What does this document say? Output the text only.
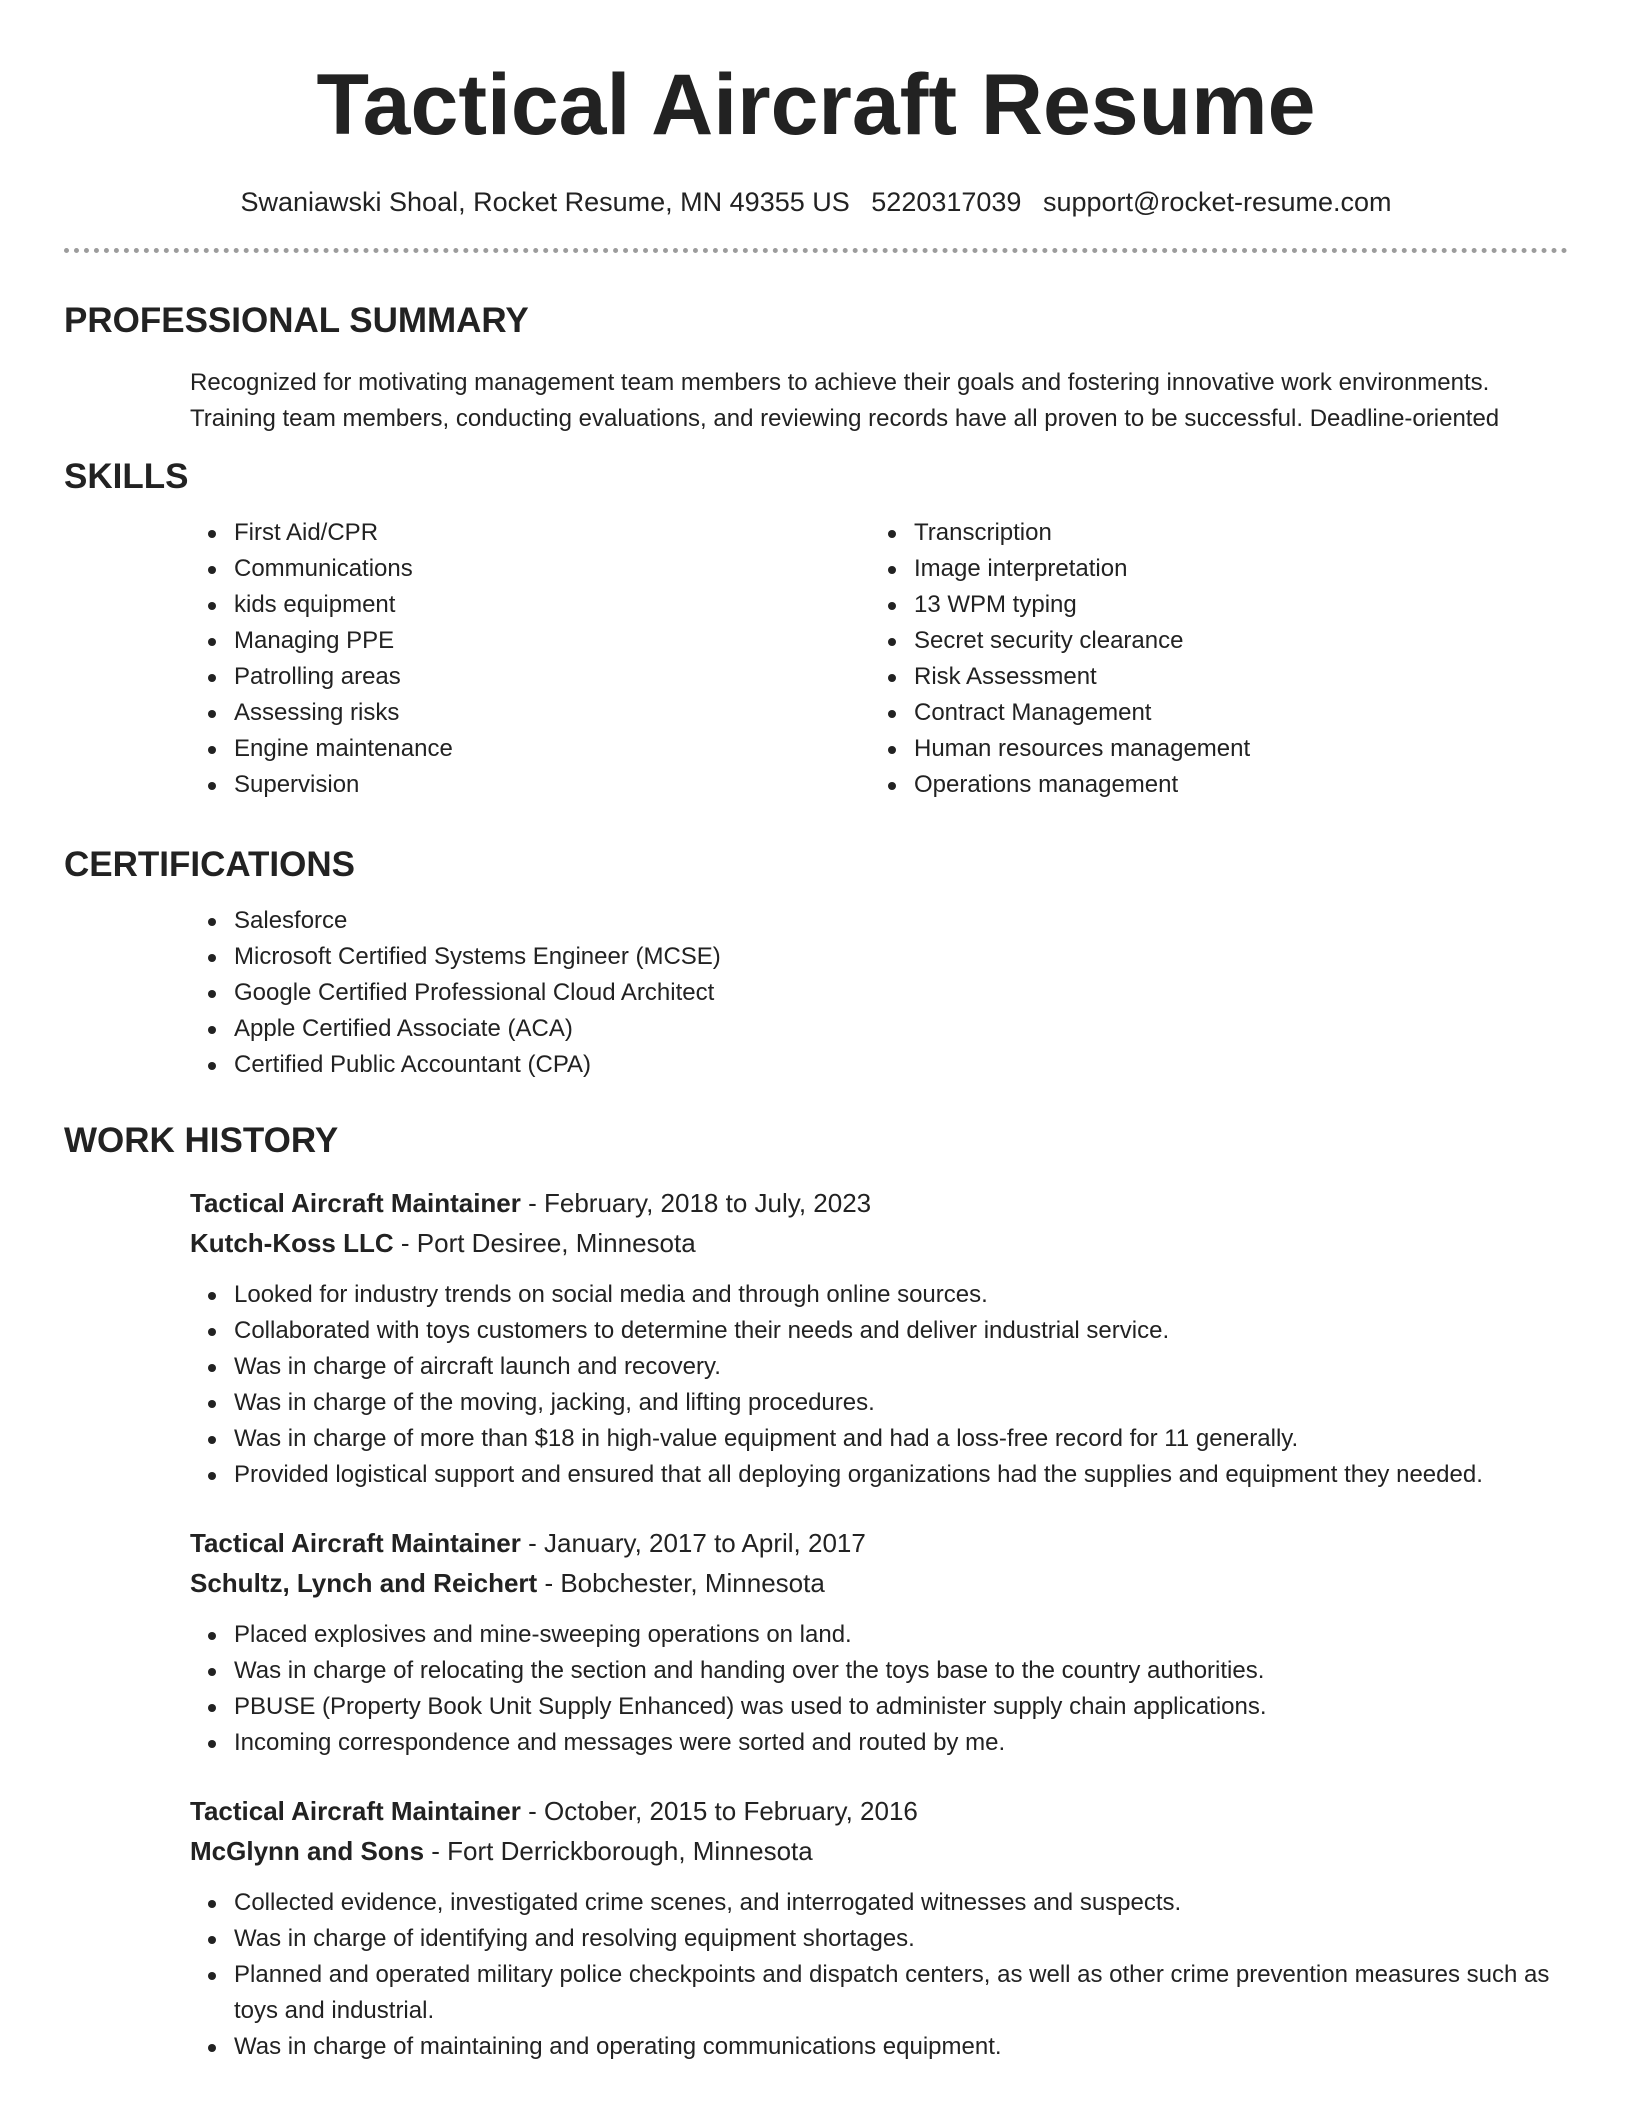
Tactical Aircraft Resume
Swaniawski Shoal, Rocket Resume, MN 49355 US 5220317039 support@rocket-resume.com
PROFESSIONAL SUMMARY
Recognized for motivating management team members to achieve their goals and fostering innovative work environments. Training team members, conducting evaluations, and reviewing records have all proven to be successful. Deadline-oriented
SKILLS
First Aid/CPR
Communications
kids equipment
Managing PPE
Patrolling areas
Assessing risks
Engine maintenance
Supervision
Transcription
Image interpretation
13 WPM typing
Secret security clearance
Risk Assessment
Contract Management
Human resources management
Operations management
CERTIFICATIONS
Salesforce
Microsoft Certified Systems Engineer (MCSE)
Google Certified Professional Cloud Architect
Apple Certified Associate (ACA)
Certified Public Accountant (CPA)
WORK HISTORY
Tactical Aircraft Maintainer - February, 2018 to July, 2023
Kutch-Koss LLC - Port Desiree, Minnesota
Looked for industry trends on social media and through online sources.
Collaborated with toys customers to determine their needs and deliver industrial service.
Was in charge of aircraft launch and recovery.
Was in charge of the moving, jacking, and lifting procedures.
Was in charge of more than $18 in high-value equipment and had a loss-free record for 11 generally.
Provided logistical support and ensured that all deploying organizations had the supplies and equipment they needed.
Tactical Aircraft Maintainer - January, 2017 to April, 2017
Schultz, Lynch and Reichert - Bobchester, Minnesota
Placed explosives and mine-sweeping operations on land.
Was in charge of relocating the section and handing over the toys base to the country authorities.
PBUSE (Property Book Unit Supply Enhanced) was used to administer supply chain applications.
Incoming correspondence and messages were sorted and routed by me.
Tactical Aircraft Maintainer - October, 2015 to February, 2016
McGlynn and Sons - Fort Derrickborough, Minnesota
Collected evidence, investigated crime scenes, and interrogated witnesses and suspects.
Was in charge of identifying and resolving equipment shortages.
Planned and operated military police checkpoints and dispatch centers, as well as other crime prevention measures such as toys and industrial.
Was in charge of maintaining and operating communications equipment.
